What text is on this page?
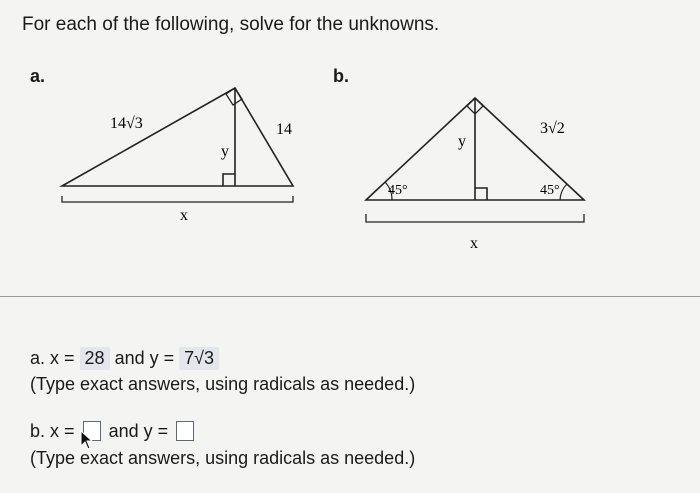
For each of the following, solve for the unknowns.
a.
14√3	14
y
x
3√2
y
45°	45°
x
b.
a. x = 28 and y = 7√3
(Type exact answers, using radicals as needed.)
b. x = and y =
(Type exact answers, using radicals as needed.)
